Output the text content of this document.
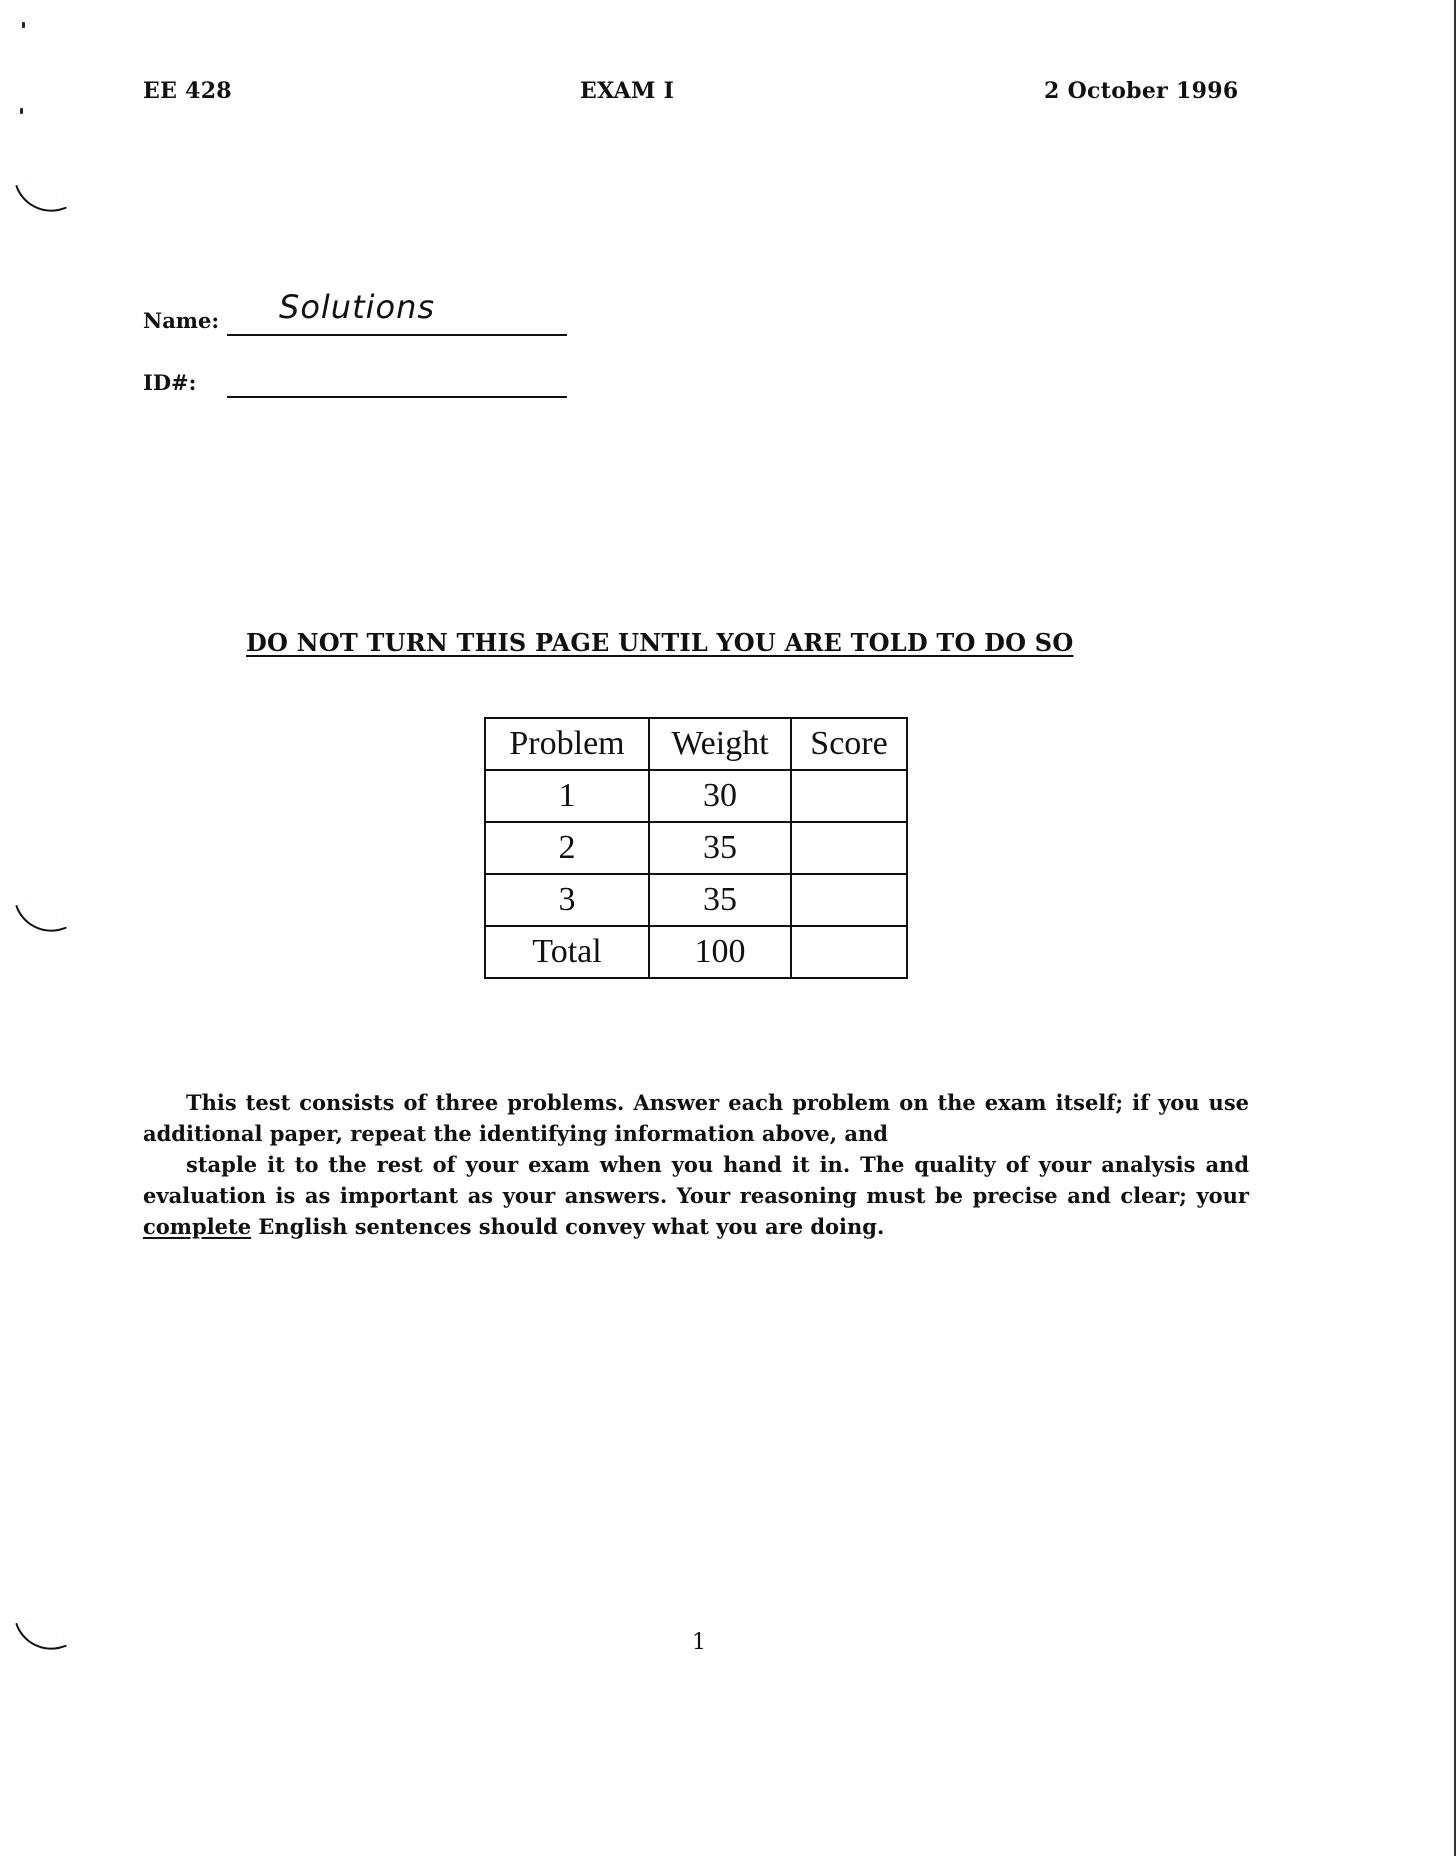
EE 428	EXAM I	2 October 1996
Name: Solutions
ID#:
DO NOT TURN THIS PAGE UNTIL YOU ARE TOLD TO DO SO
Problem	Weight	Score
1	30	
2	35	
3	35	
Total	100	

This test consists of three problems. Answer each problem on the exam itself; if you use additional paper, repeat the identifying information above, and

staple it to the rest of your exam when you hand it in. The quality of your analysis and evaluation is as important as your answers. Your reasoning must be precise and clear; your complete English sentences should convey what you are doing.

1
